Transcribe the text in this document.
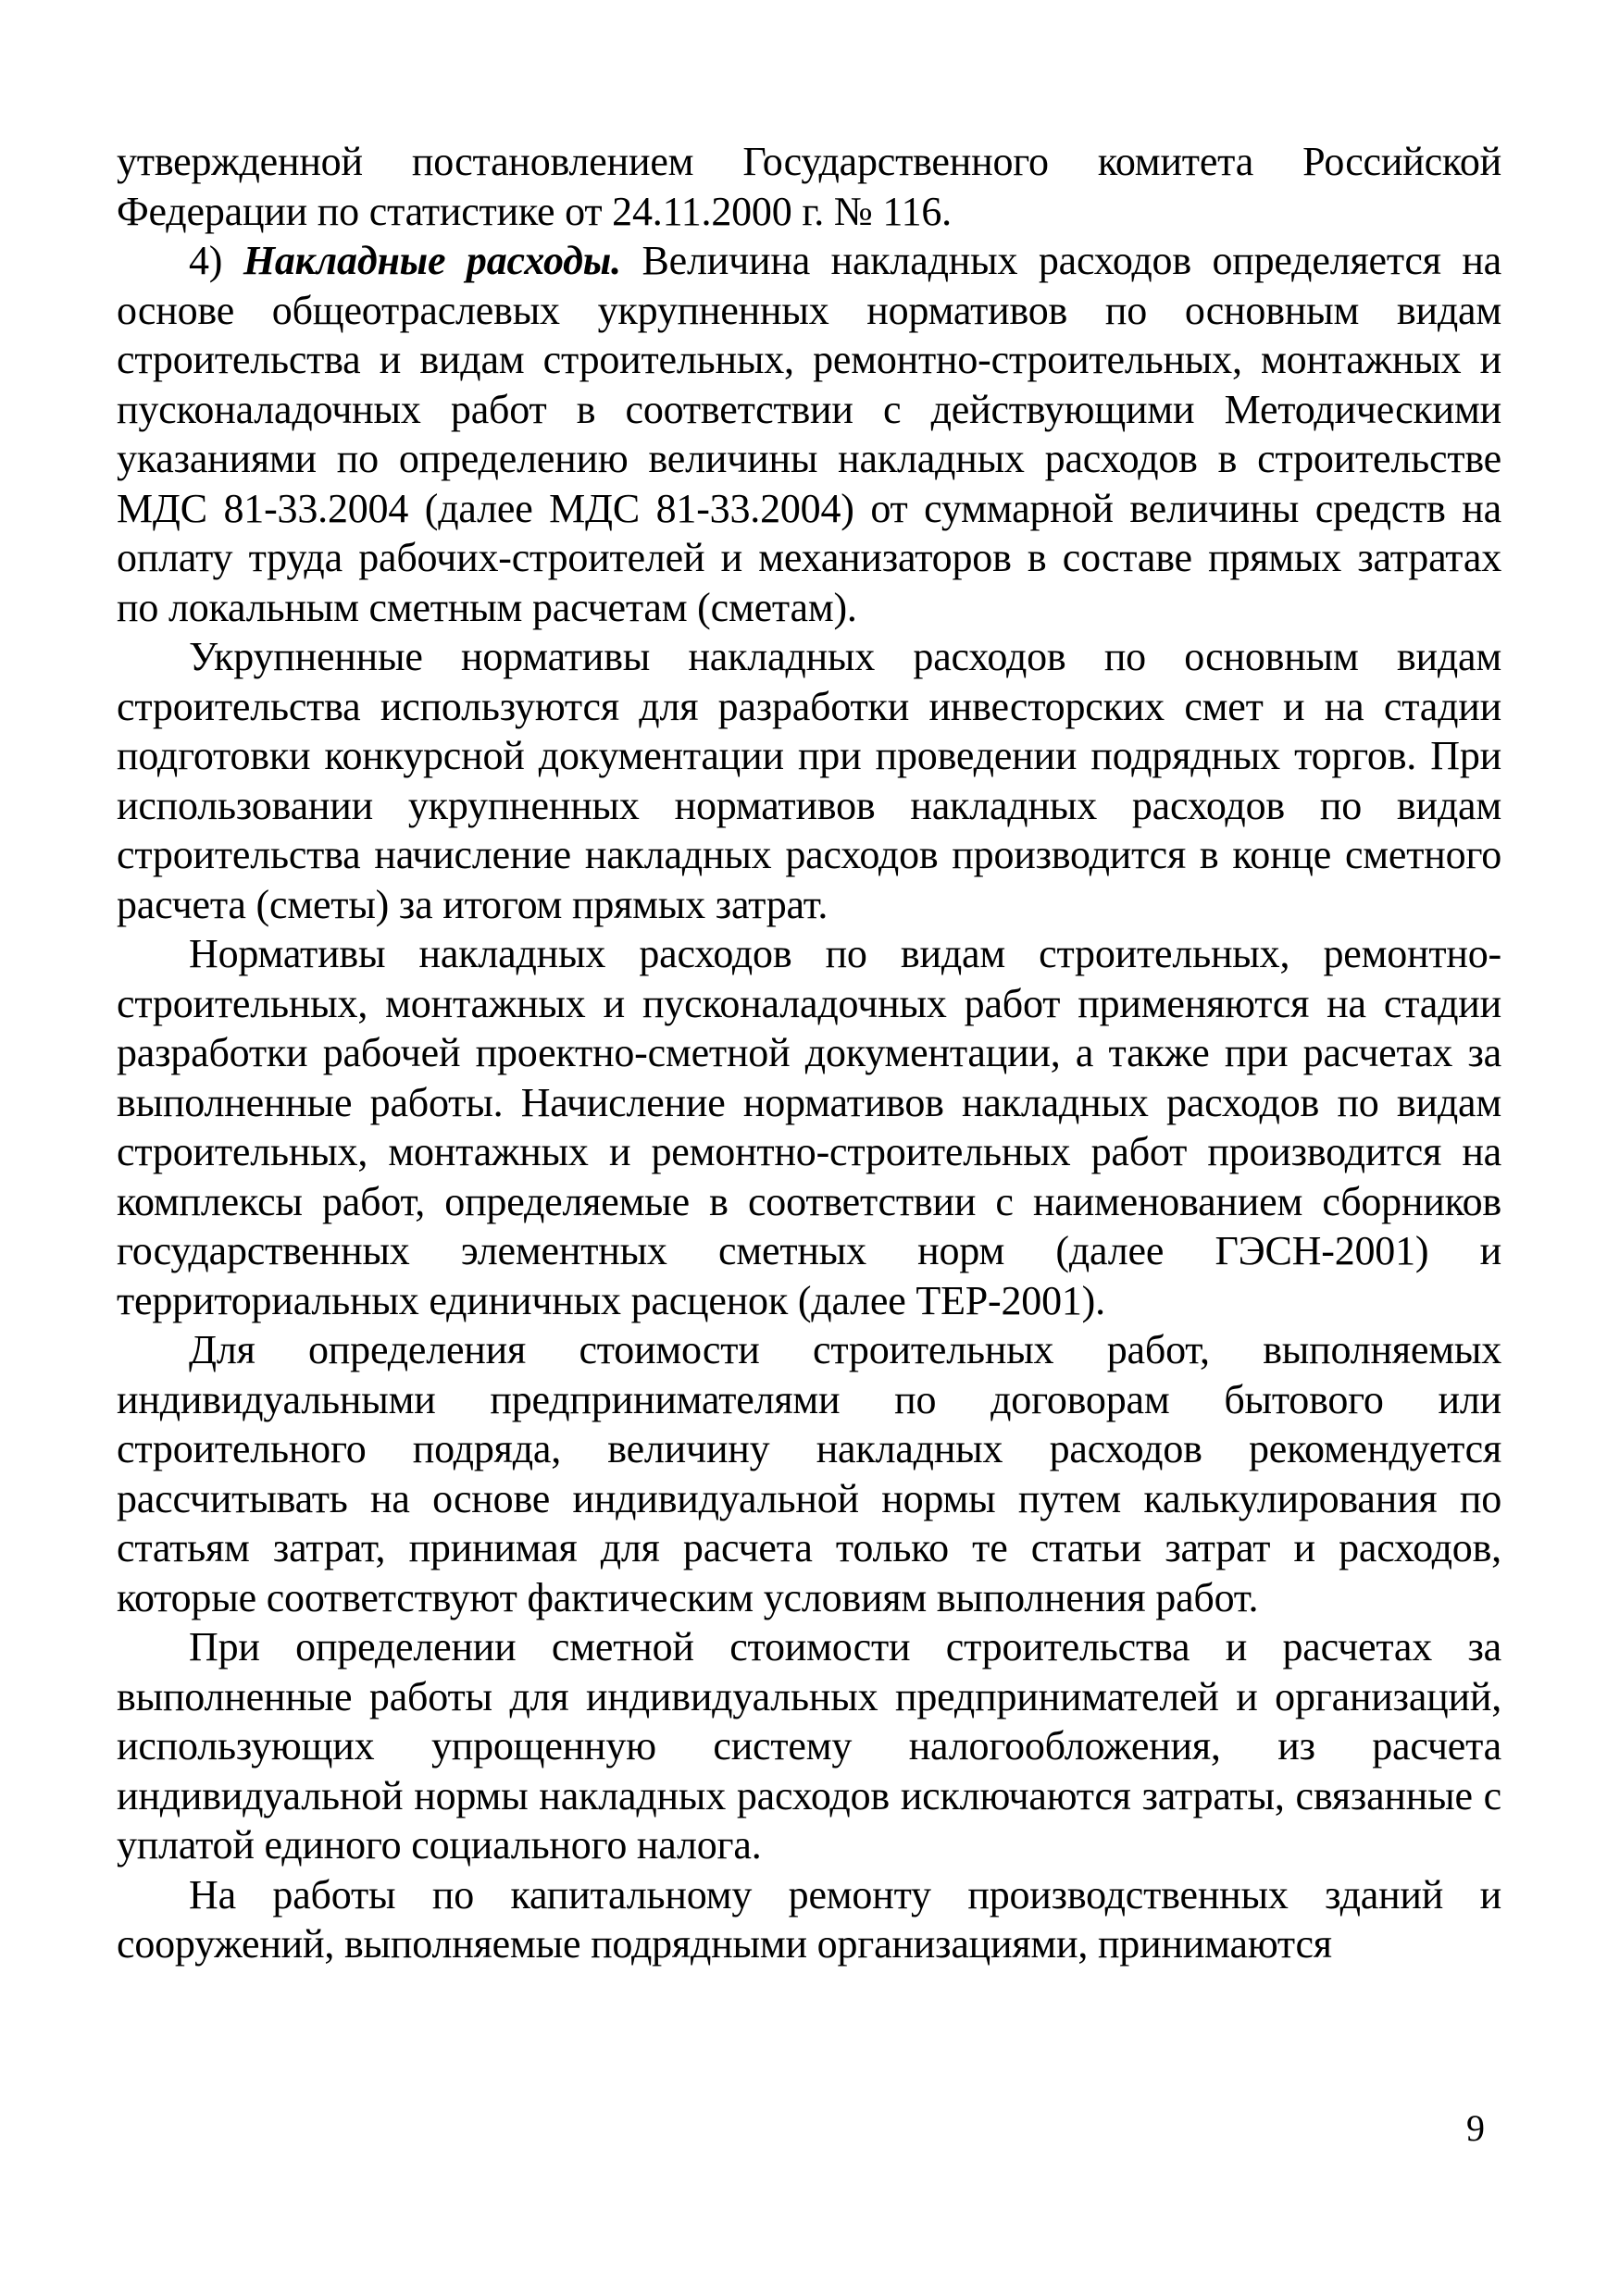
утвержденной постановлением Государственного комитета Российской Федерации по статистике от 24.11.2000 г. № 116.

4) Накладные расходы. Величина накладных расходов определяется на основе общеотраслевых укрупненных нормативов по основным видам строительства и видам строительных, ремонтно-строительных, монтажных и пусконаладочных работ в соответствии с действующими Методическими указаниями по определению величины накладных расходов в строительстве МДС 81-33.2004 (далее МДС 81-33.2004) от суммарной величины средств на оплату труда рабочих-строителей и механизаторов в составе прямых затратах по локальным сметным расчетам (сметам).

Укрупненные нормативы накладных расходов по основным видам строительства используются для разработки инвесторских смет и на стадии подготовки конкурсной документации при проведении подрядных торгов. При использовании укрупненных нормативов накладных расходов по видам строительства начисление накладных расходов производится в конце сметного расчета (сметы) за итогом прямых затрат.

Нормативы накладных расходов по видам строительных, ремонтно-строительных, монтажных и пусконаладочных работ применяются на стадии разработки рабочей проектно-сметной документации, а также при расчетах за выполненные работы. Начисление нормативов накладных расходов по видам строительных, монтажных и ремонтно-строительных работ производится на комплексы работ, определяемые в соответствии с наименованием сборников государственных элементных сметных норм (далее ГЭСН-2001) и территориальных единичных расценок (далее ТЕР-2001).

Для определения стоимости строительных работ, выполняемых индивидуальными предпринимателями по договорам бытового или строительного подряда, величину накладных расходов рекомендуется рассчитывать на основе индивидуальной нормы путем калькулирования по статьям затрат, принимая для расчета только те статьи затрат и расходов, которые соответствуют фактическим условиям выполнения работ.

При определении сметной стоимости строительства и расчетах за выполненные работы для индивидуальных предпринимателей и организаций, использующих упрощенную систему налогообложения, из расчета индивидуальной нормы накладных расходов исключаются затраты, связанные с уплатой единого социального налога.

На работы по капитальному ремонту производственных зданий и сооружений, выполняемые подрядными организациями, принимаются

9
